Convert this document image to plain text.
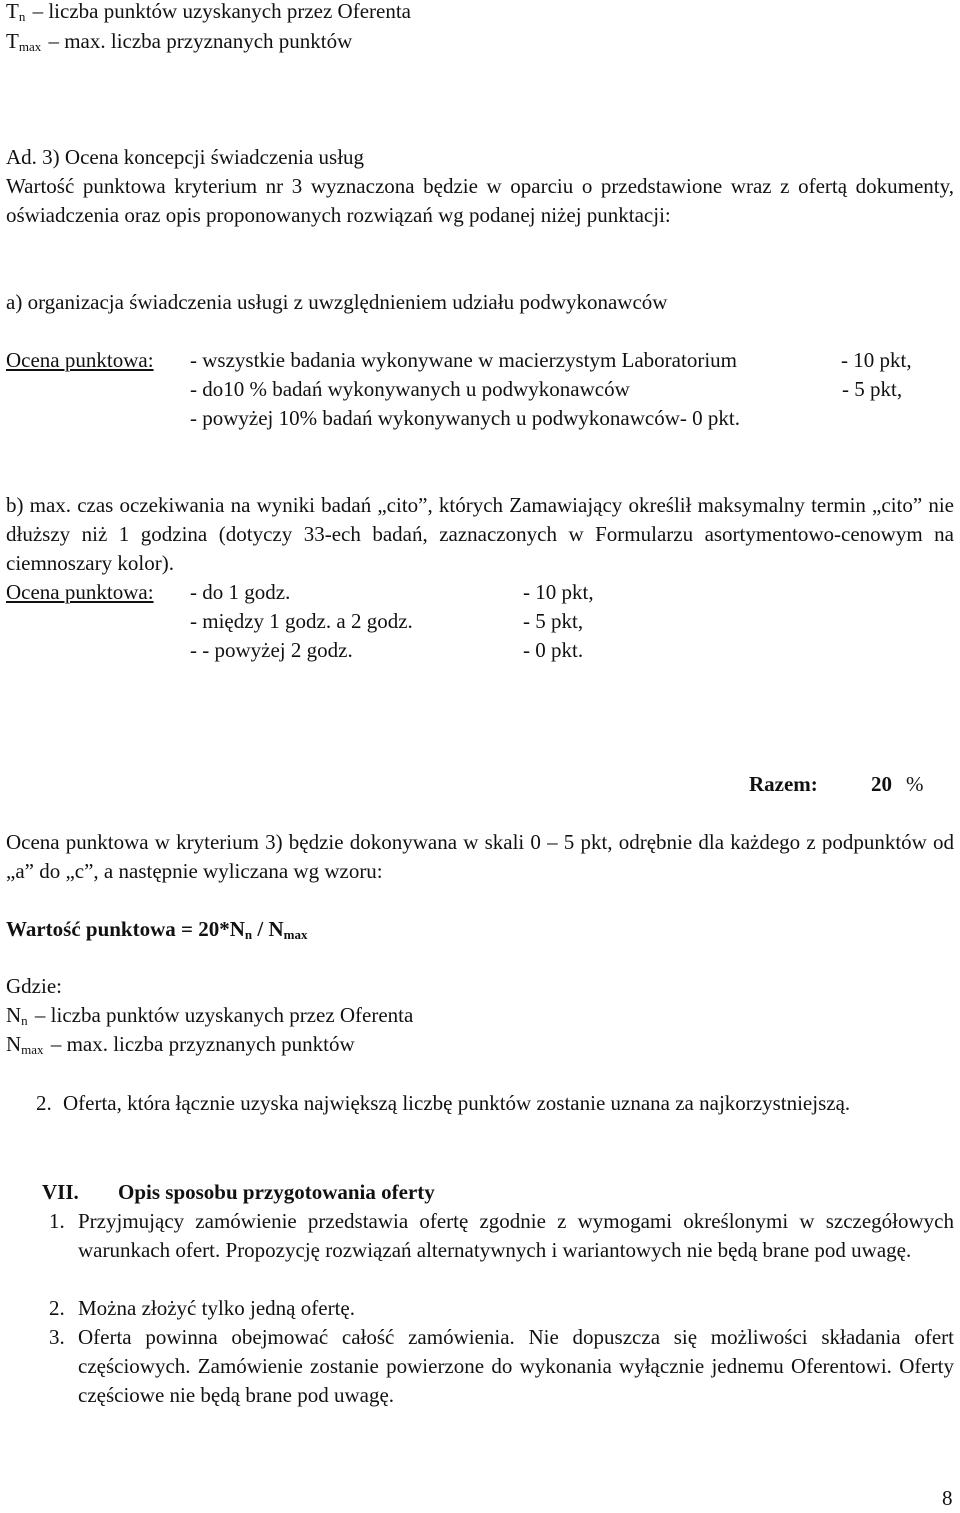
$T_n$ – liczba punktów uzyskanych przez Oferenta
$T_{max}$ – max. liczba przyznanych punktów
Ad. 3) Ocena koncepcji świadczenia usług
Wartość punktowa kryterium nr 3 wyznaczona będzie w oparciu o przedstawione wraz z ofertą dokumenty, oświadczenia oraz opis proponowanych rozwiązań wg podanej niżej punktacji:
a) organizacja świadczenia usługi z uwzględnieniem udziału podwykonawców
Ocena punktowa: - wszystkie badania wykonywane w macierzystym Laboratorium	- 10 pkt,
- do10 % badań wykonywanych u podwykonawców	- 5 pkt,
- powyżej 10% badań wykonywanych u podwykonawców- 0 pkt.
b) max. czas oczekiwania na wyniki badań „cito”, których Zamawiający określił maksymalny termin „cito” nie dłuższy niż 1 godzina (dotyczy 33-ech badań, zaznaczonych w Formularzu asortymentowo-cenowym na ciemnoszary kolor).
Ocena punktowa: - do 1 godz.	- 10 pkt,
- między 1 godz. a 2 godz.	- 5 pkt,
- - powyżej 2 godz.	- 0 pkt.
Razem:	20 %
Ocena punktowa w kryterium 3) będzie dokonywana w skali 0 – 5 pkt, odrębnie dla każdego z podpunktów od „a” do „c”, a następnie wyliczana wg wzoru:
Wartość punktowa = $20*N_n / N_{max}$
Gdzie:
$N_n$ – liczba punktów uzyskanych przez Oferenta
$N_{max}$ – max. liczba przyznanych punktów
2. Oferta, która łącznie uzyska największą liczbę punktów zostanie uznana za najkorzystniejszą.
VII. Opis sposobu przygotowania oferty
1. Przyjmujący zamówienie przedstawia ofertę zgodnie z wymogami określonymi w szczegółowych warunkach ofert. Propozycję rozwiązań alternatywnych i wariantowych nie będą brane pod uwagę.
2. Można złożyć tylko jedną ofertę.
3. Oferta powinna obejmować całość zamówienia. Nie dopuszcza się możliwości składania ofert częściowych. Zamówienie zostanie powierzone do wykonania wyłącznie jednemu Oferentowi. Oferty częściowe nie będą brane pod uwagę.
8
